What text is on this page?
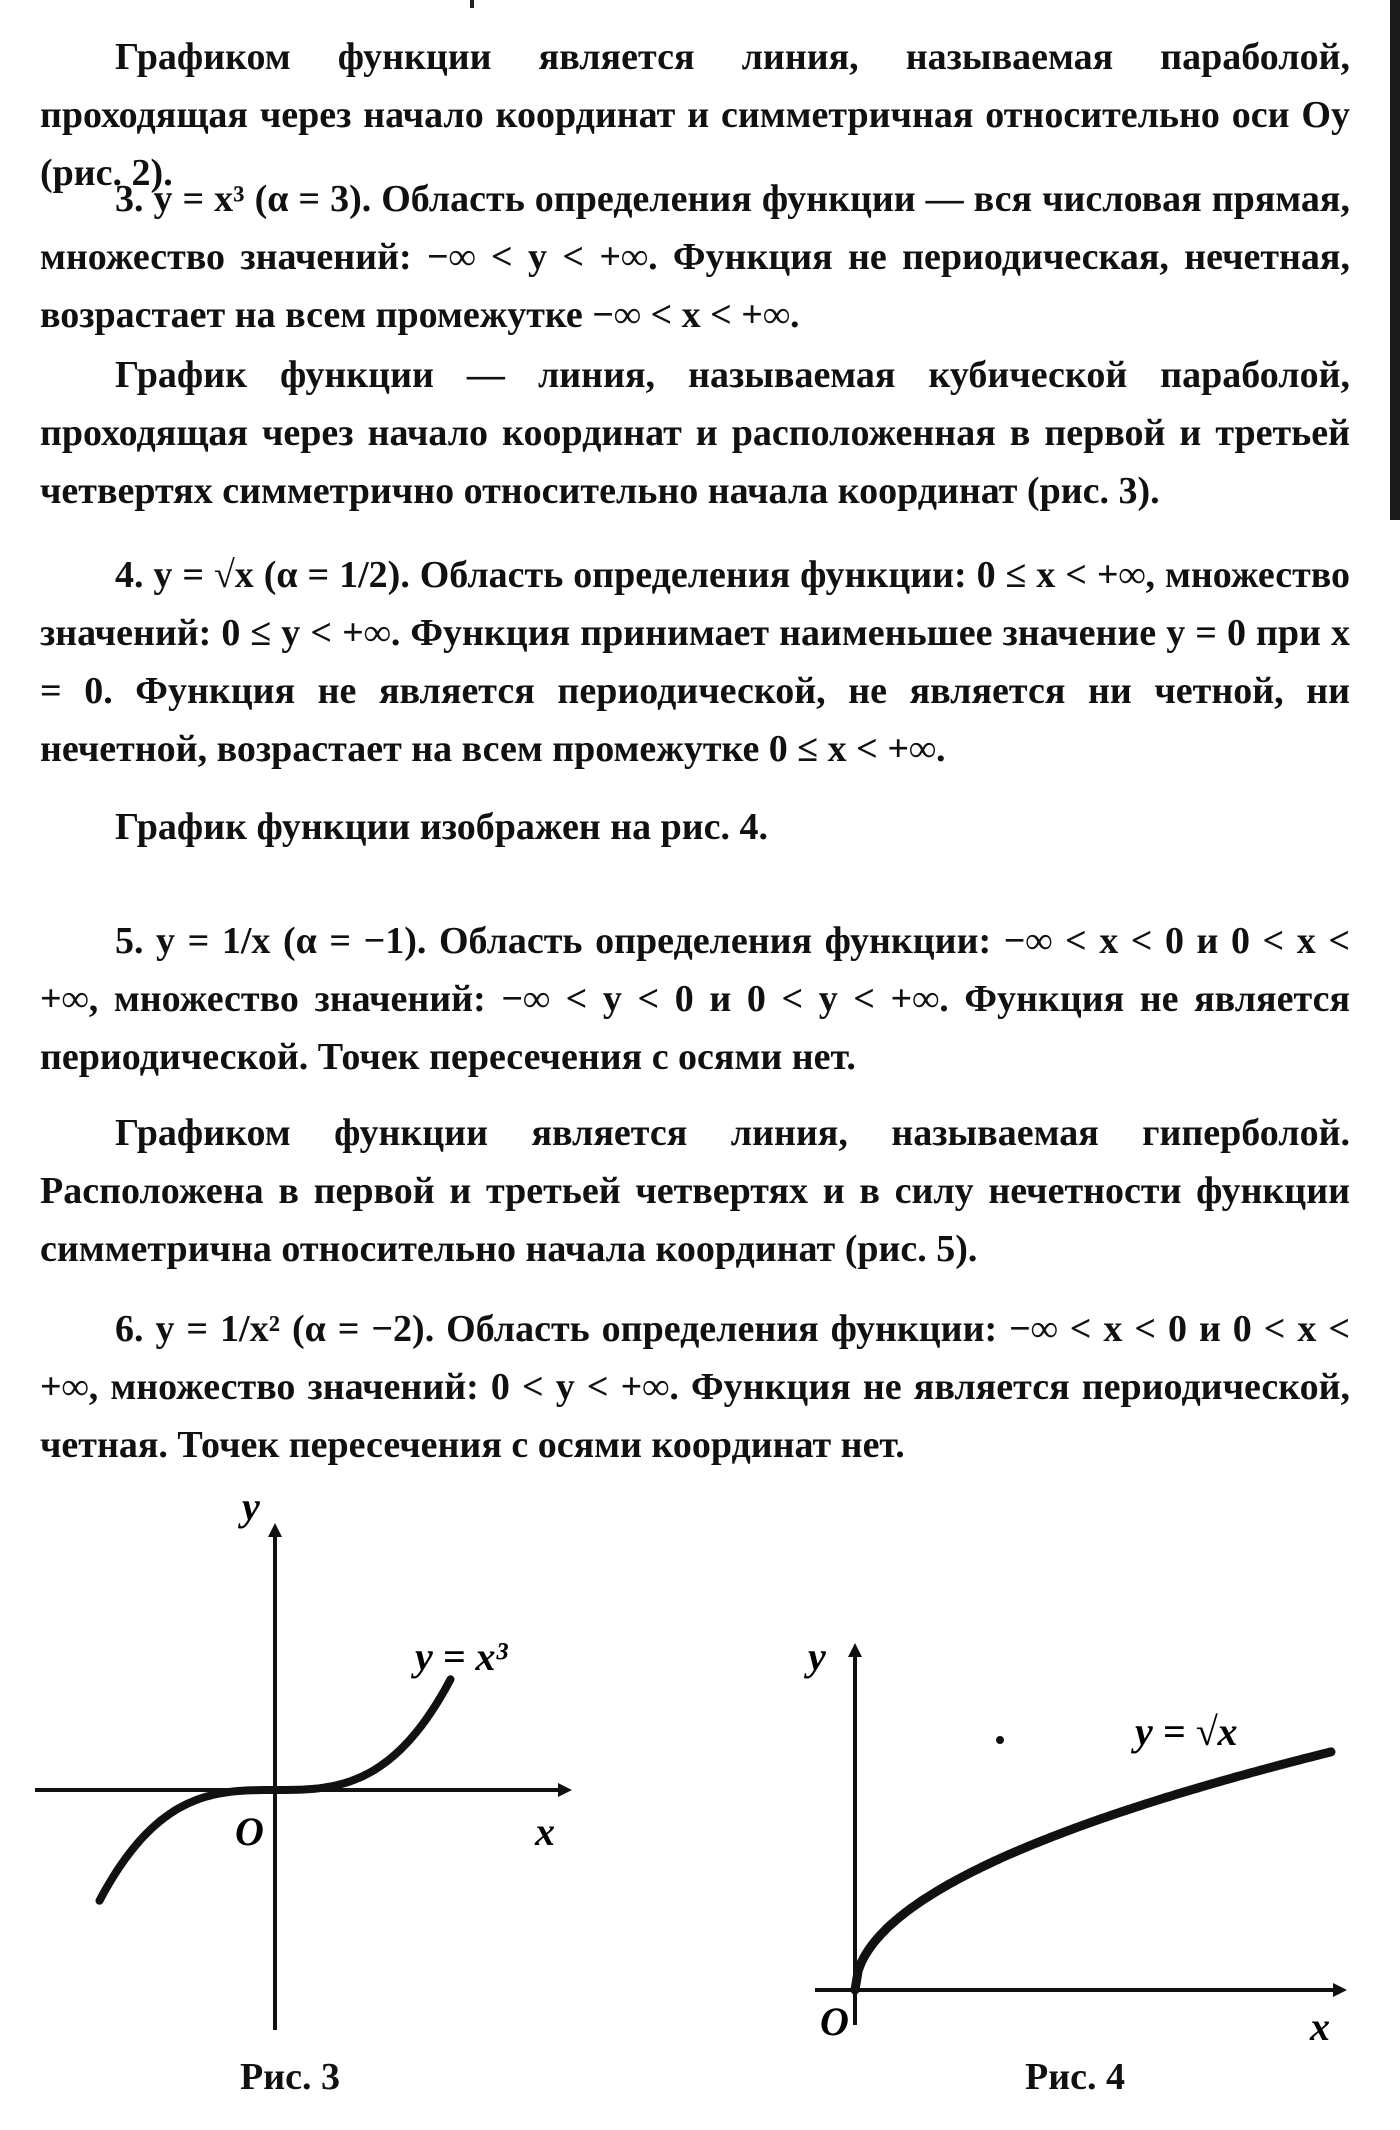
Графиком функции является линия, называемая параболой, проходящая через начало координат и симметричная относительно оси Oy (рис. 2).

3. y = x³ (α = 3). Область определения функции — вся числовая прямая, множество значений: −∞ < y < +∞. Функция не периодическая, нечетная, возрастает на всем промежутке −∞ < x < +∞.

График функции — линия, называемая кубической параболой, проходящая через начало координат и расположенная в первой и третьей четвертях симметрично относительно начала координат (рис. 3).

4. y = √x (α = 1/2). Область определения функции: 0 ≤ x < +∞, множество значений: 0 ≤ y < +∞. Функция принимает наименьшее значение y = 0 при x = 0. Функция не является периодической, не является ни четной, ни нечетной, возрастает на всем промежутке 0 ≤ x < +∞.

График функции изображен на рис. 4.

5. y = 1/x (α = −1). Область определения функции: −∞ < x < 0 и 0 < x < +∞, множество значений: −∞ < y < 0 и 0 < y < +∞. Функция не является периодической. Точек пересечения с осями нет.

Графиком функции является линия, называемая гиперболой. Расположена в первой и третьей четвертях и в силу нечетности функции симметрична относительно начала координат (рис. 5).

6. y = 1/x² (α = −2). Область определения функции: −∞ < x < 0 и 0 < x < +∞, множество значений: 0 < y < +∞. Функция не является периодической, четная. Точек пересечения с осями координат нет.

y
x
O
y = x³
Рис. 3
y
x
O
y = √x
Рис. 4
